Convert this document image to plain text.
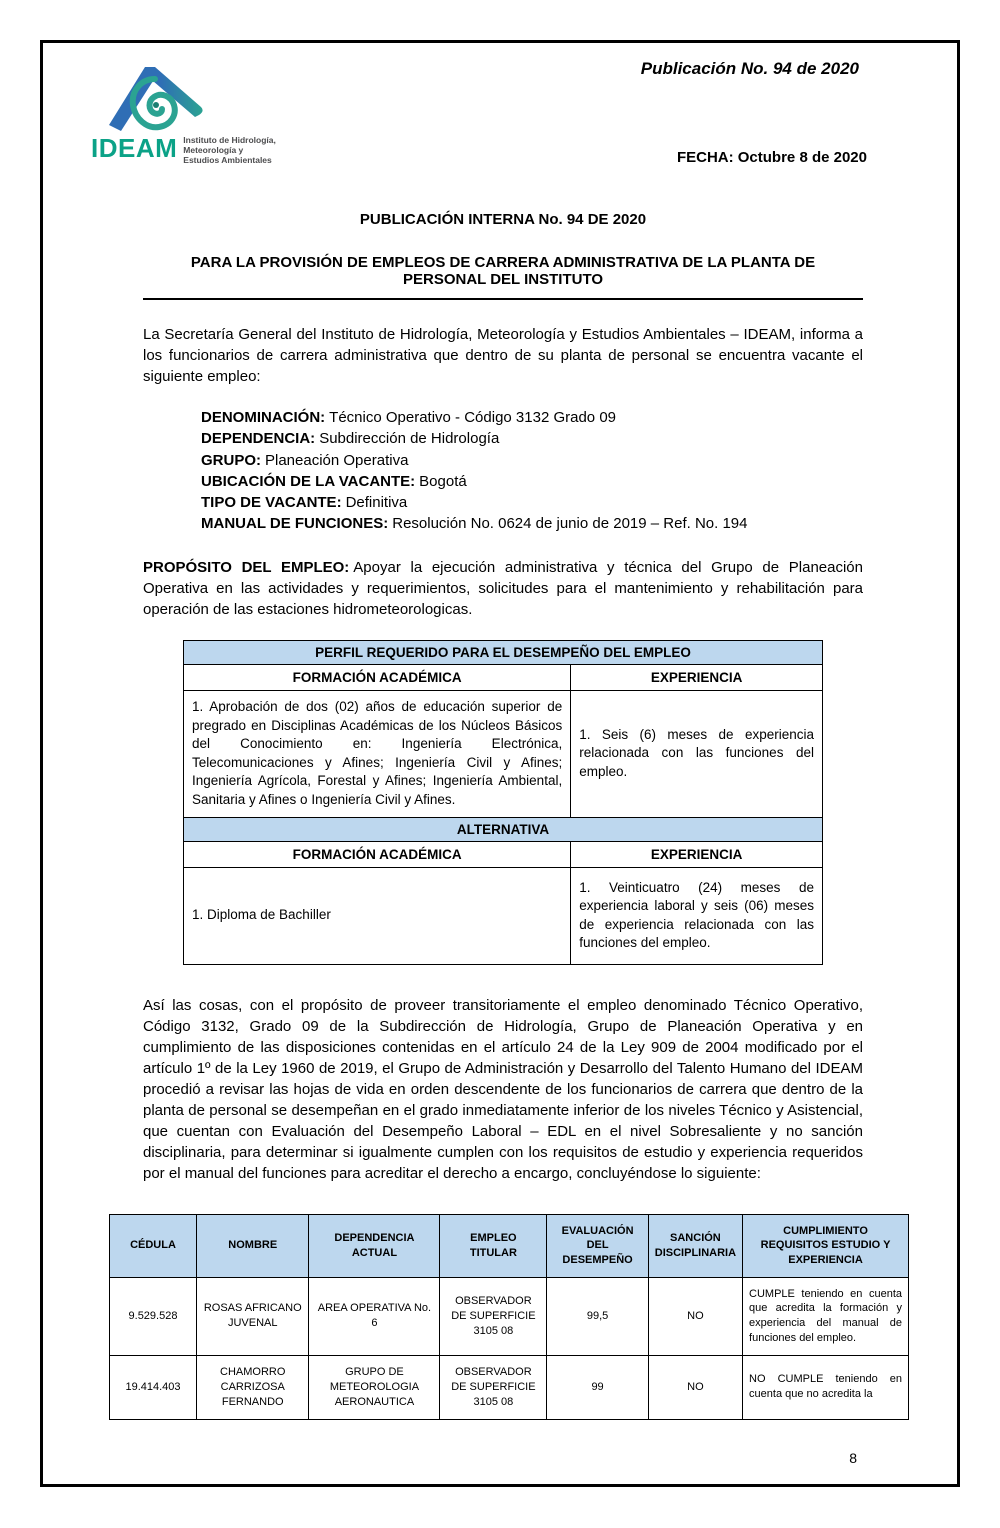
IDEAM Instituto de Hidrología,
Meteorología y
Estudios Ambientales
Publicación No. 94 de 2020
FECHA: Octubre 8 de 2020
PUBLICACIÓN INTERNA No. 94 DE 2020
PARA LA PROVISIÓN DE EMPLEOS DE CARRERA ADMINISTRATIVA DE LA PLANTA DE PERSONAL DEL INSTITUTO

La Secretaría General del Instituto de Hidrología, Meteorología y Estudios Ambientales – IDEAM, informa a los funcionarios de carrera administrativa que dentro de su planta de personal se encuentra vacante el siguiente empleo:

DENOMINACIÓN: Técnico Operativo - Código 3132 Grado 09
DEPENDENCIA: Subdirección de Hidrología
GRUPO: Planeación Operativa
UBICACIÓN DE LA VACANTE: Bogotá
TIPO DE VACANTE: Definitiva
MANUAL DE FUNCIONES: Resolución No. 0624 de junio de 2019 – Ref. No. 194

PROPÓSITO DEL EMPLEO: Apoyar la ejecución administrativa y técnica del Grupo de Planeación Operativa en las actividades y requerimientos, solicitudes para el mantenimiento y rehabilitación para operación de las estaciones hidrometeorologicas.

PERFIL REQUERIDO PARA EL DESEMPEÑO DEL EMPLEO	
FORMACIÓN ACADÉMICA	EXPERIENCIA
1. Aprobación de dos (02) años de educación superior de pregrado en Disciplinas Académicas de los Núcleos Básicos del Conocimiento en: Ingeniería Electrónica, Telecomunicaciones y Afines; Ingeniería Civil y Afines; Ingeniería Agrícola, Forestal y Afines; Ingeniería Ambiental, Sanitaria y Afines o Ingeniería Civil y Afines.	1. Seis (6) meses de experiencia relacionada con las funciones del empleo.
ALTERNATIVA	
FORMACIÓN ACADÉMICA	EXPERIENCIA
1. Diploma de Bachiller	1. Veinticuatro (24) meses de experiencia laboral y seis (06) meses de experiencia relacionada con las funciones del empleo.

Así las cosas, con el propósito de proveer transitoriamente el empleo denominado Técnico Operativo, Código 3132, Grado 09 de la Subdirección de Hidrología, Grupo de Planeación Operativa y en cumplimiento de las disposiciones contenidas en el artículo 24 de la Ley 909 de 2004 modificado por el artículo 1º de la Ley 1960 de 2019, el Grupo de Administración y Desarrollo del Talento Humano del IDEAM procedió a revisar las hojas de vida en orden descendente de los funcionarios de carrera que dentro de la planta de personal se desempeñan en el grado inmediatamente inferior de los niveles Técnico y Asistencial, que cuentan con Evaluación del Desempeño Laboral – EDL en el nivel Sobresaliente y no sanción disciplinaria, para determinar si igualmente cumplen con los requisitos de estudio y experiencia requeridos por el manual del funciones para acreditar el derecho a encargo, concluyéndose lo siguiente:

CÉDULA	NOMBRE	DEPENDENCIA ACTUAL	EMPLEO TITULAR	EVALUACIÓN DEL DESEMPEÑO	SANCIÓN DISCIPLINARIA	CUMPLIMIENTO REQUISITOS ESTUDIO Y EXPERIENCIA
9.529.528	ROSAS AFRICANO JUVENAL	AREA OPERATIVA No. 6	OBSERVADOR DE SUPERFICIE 3105 08	99,5	NO	CUMPLE teniendo en cuenta que acredita la formación y experiencia del manual de funciones del empleo.
19.414.403	CHAMORRO CARRIZOSA FERNANDO	GRUPO DE METEOROLOGIA AERONAUTICA	OBSERVADOR DE SUPERFICIE 3105 08	99	NO	NO CUMPLE teniendo en cuenta que no acredita la
8
